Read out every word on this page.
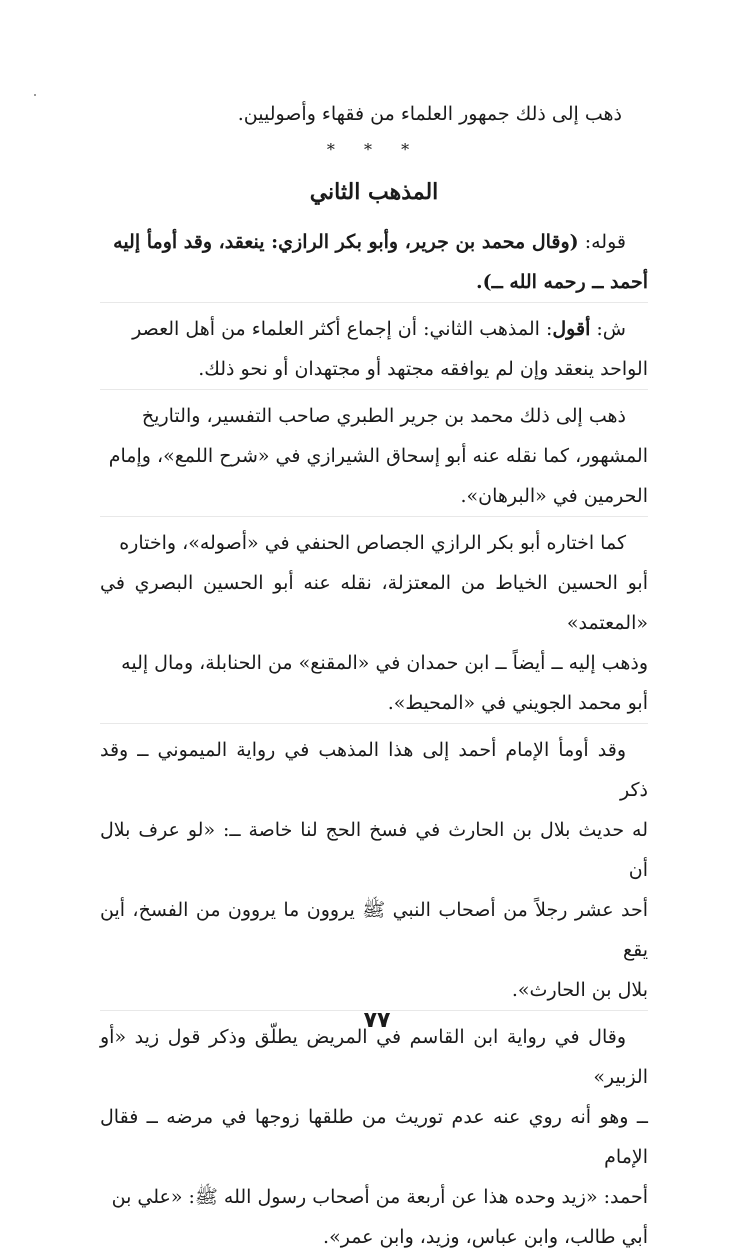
ذهب إلى ذلك جمهور العلماء من فقهاء وأصوليين.

* * *

المذهب الثاني

قوله: (وقال محمد بن جرير، وأبو بكر الرازي: ينعقد، وقد أومأ إليه

أحمد ــ رحمه الله ــ).

ش: أقول: المذهب الثاني: أن إجماع أكثر العلماء من أهل العصر

الواحد ينعقد وإن لم يوافقه مجتهد أو مجتهدان أو نحو ذلك.

ذهب إلى ذلك محمد بن جرير الطبري صاحب التفسير، والتاريخ

المشهور، كما نقله عنه أبو إسحاق الشيرازي في «شرح اللمع»، وإمام

الحرمين في «البرهان».

كما اختاره أبو بكر الرازي الجصاص الحنفي في «أصوله»، واختاره

أبو الحسين الخياط من المعتزلة، نقله عنه أبو الحسين البصري في «المعتمد»

وذهب إليه ــ أيضاً ــ ابن حمدان في «المقنع» من الحنابلة، ومال إليه

أبو محمد الجويني في «المحيط».

وقد أومأ الإمام أحمد إلى هذا المذهب في رواية الميموني ــ وقد ذكر

له حديث بلال بن الحارث في فسخ الحج لنا خاصة ــ: «لو عرف بلال أن

أحد عشر رجلاً من أصحاب النبي ﷺ يروون ما يروون من الفسخ، أين يقع

بلال بن الحارث».

وقال في رواية ابن القاسم في المريض يطلّق وذكر قول زيد «أو الزبير»

ــ وهو أنه روي عنه عدم توريث من طلقها زوجها في مرضه ــ فقال الإمام

أحمد: «زيد وحده هذا عن أربعة من أصحاب رسول الله ﷺ: «علي بن

أبي طالب، وابن عباس، وزيد، وابن عمر».

٧٧
